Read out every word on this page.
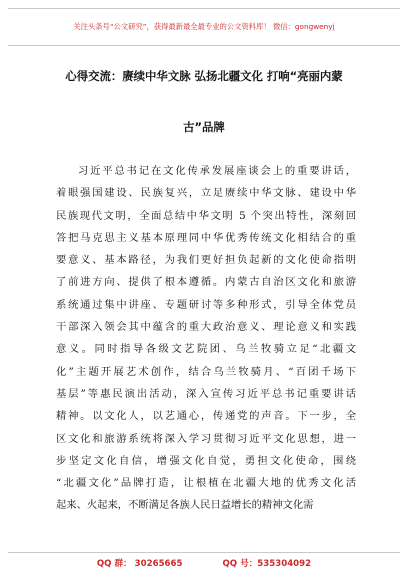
关注头条号“公文研究”，获得最新最全最专业的公文资料库！ 微信：gongwenyj
心得交流：赓续中华文脉 弘扬北疆文化 打响“亮丽内蒙
古”品牌
习近平总书记在文化传承发展座谈会上的重要讲话，
着眼强国建设、民族复兴，立足赓续中华文脉、建设中华
民族现代文明，全面总结中华文明 5 个突出特性，深刻回
答把马克思主义基本原理同中华优秀传统文化相结合的重
要意义、基本路径，为我们更好担负起新的文化使命指明
了前进方向、提供了根本遵循。内蒙古自治区文化和旅游
系统通过集中讲座、专题研讨等多种形式，引导全体党员
干部深入领会其中蕴含的重大政治意义、理论意义和实践
意义。同时指导各级文艺院团、乌兰牧骑立足“北疆文
化”主题开展艺术创作，结合乌兰牧骑月、“百团千场下
基层”等惠民演出活动，深入宣传习近平总书记重要讲话
精神。以文化人，以艺通心，传递党的声音。下一步，全
区文化和旅游系统将深入学习贯彻习近平文化思想，进一
步坚定文化自信，增强文化自觉，勇担文化使命，围绕
“北疆文化”品牌打造，让根植在北疆大地的优秀文化活
起来、火起来，不断满足各族人民日益增长的精神文化需
QQ 群： 30265665	QQ 号：535304092
